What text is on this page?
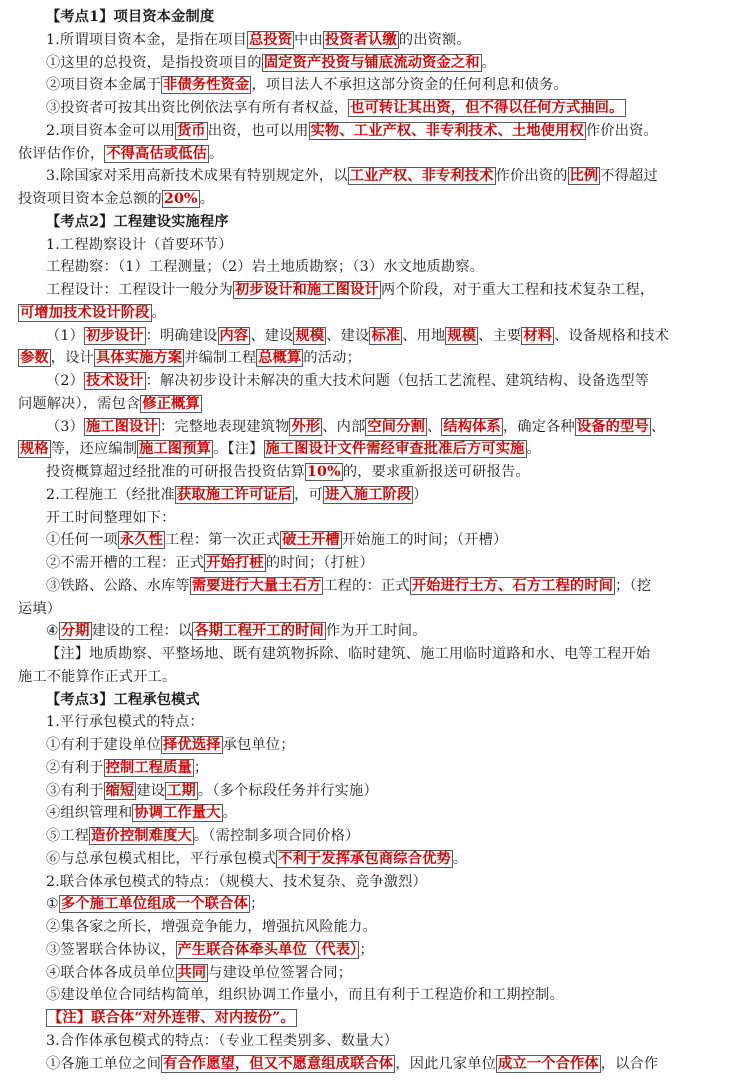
【考点1】项目资本金制度
1.所谓项目资本金，是指在项目 总投资 中由 投资者认缴 的出资额。
①这里的总投资，是指投资项目的 固定资产投资与铺底流动资金之和 。
②项目资本金属于 非债务性资金 ，项目法人不承担这部分资金的任何利息和债务。
③投资者可按其出资比例依法享有所有者权益， 也可转让其出资，但不得以任何方式抽回。
2.项目资本金可以用 货币 出资，也可以用 实物、工业产权、非专利技术、土地使用权 作价出资。
依评估作价， 不得高估或低估 。
3.除国家对采用高新技术成果有特别规定外，以 工业产权、非专利技术 作价出资的 比例 不得超过
投资项目资本金总额的 20% 。
【考点2】工程建设实施程序
1.工程勘察设计（首要环节）
工程勘察：（1）工程测量；（2）岩土地质勘察；（3）水文地质勘察。
工程设计：工程设计一般分为 初步设计和施工图设计 两个阶段，对于重大工程和技术复杂工程，
可增加技术设计阶段 。
（1） 初步设计 ：明确建设 内容 、建设 规模 、建设 标准 、用地 规模 、主要 材料 、设备规格和技术
参数 ，设计 具体实施方案 并编制工程 总概算 的活动；
（2） 技术设计 ：解决初步设计未解决的重大技术问题（包括工艺流程、建筑结构、设备选型等
问题解决），需包含 修正概算
（3） 施工图设计 ：完整地表现建筑物 外形 、内部 空间分割 、 结构体系 ，确定各种 设备的型号 、
规格 等，还应编制 施工图预算 。【注】 施工图设计文件需经审查批准后方可实施 。
投资概算超过经批准的可研报告投资估算 10% 的，要求重新报送可研报告。
2.工程施工（经批准 获取施工许可证后 ，可 进入施工阶段 ）
开工时间整理如下：
①任何一项 永久性 工程：第一次正式 破土开槽 开始施工的时间；（开槽）
②不需开槽的工程：正式 开始打桩 的时间；（打桩）
③铁路、公路、水库等 需要进行大量土石方 工程的：正式 开始进行土方、石方工程的时间 ；（挖
运填）
④ 分期 建设的工程：以 各期工程开工的时间 作为开工时间。
【注】地质勘察、平整场地、既有建筑物拆除、临时建筑、施工用临时道路和水、电等工程开始
施工不能算作正式开工。
【考点3】工程承包模式
1.平行承包模式的特点：
①有利于建设单位 择优选择 承包单位；
②有利于 控制工程质量 ；
③有利于 缩短 建设 工期 。（多个标段任务并行实施）
④组织管理和 协调工作量大 。
⑤工程 造价控制难度大 。（需控制多项合同价格）
⑥与总承包模式相比，平行承包模式 不利于发挥承包商综合优势 。
2.联合体承包模式的特点：（规模大、技术复杂、竞争激烈）
① 多个施工单位组成一个联合体 ；
②集各家之所长，增强竞争能力，增强抗风险能力。
③签署联合体协议， 产生联合体牵头单位（代表） ；
④联合体各成员单位 共同 与建设单位签署合同；
⑤建设单位合同结构简单，组织协调工作量小，而且有利于工程造价和工期控制。
【注】联合体“对外连带、对内按份”。
3.合作体承包模式的特点：（专业工程类别多、数量大）
①各施工单位之间 有合作愿望，但又不愿意组成联合体 ，因此几家单位 成立一个合作体 ，以合作
